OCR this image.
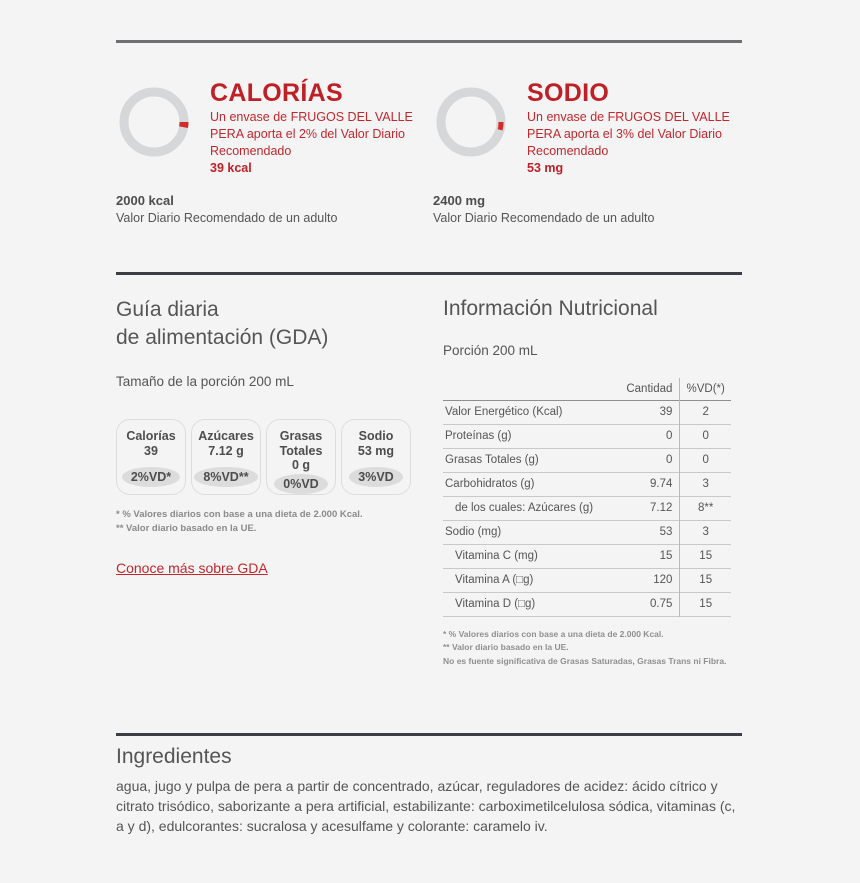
CALORÍAS
Un envase de FRUGOS DEL VALLE PERA aporta el 2% del Valor Diario Recomendado
39 kcal
2000 kcal
Valor Diario Recomendado de un adulto
SODIO
Un envase de FRUGOS DEL VALLE PERA aporta el 3% del Valor Diario Recomendado
53 mg
2400 mg
Valor Diario Recomendado de un adulto
Guía diaria
de alimentación (GDA)
Tamaño de la porción 200 mL
Calorías
39
2%VD*
Azúcares
7.12 g
8%VD**
Grasas
Totales
0 g
0%VD
Sodio
53 mg
3%VD
* % Valores diarios con base a una dieta de 2.000 Kcal.
** Valor diario basado en la UE.
Conoce más sobre GDA
Información Nutricional
Porción 200 mL
	Cantidad	%VD(*)
Valor Energético (Kcal)	39	2
Proteínas (g)	0	0
Grasas Totales (g)	0	0
Carbohidratos (g)	9.74	3
de los cuales: Azúcares (g)	7.12	8**
Sodio (mg)	53	3
Vitamina C (mg)	15	15
Vitamina A (□g)	120	15
Vitamina D (□g)	0.75	15
* % Valores diarios con base a una dieta de 2.000 Kcal.
** Valor diario basado en la UE.
No es fuente significativa de Grasas Saturadas, Grasas Trans ni Fibra.
Ingredientes
agua, jugo y pulpa de pera a partir de concentrado, azúcar, reguladores de acidez: ácido cítrico y citrato trisódico, saborizante a pera artificial, estabilizante: carboximetilcelulosa sódica, vitaminas (c, a y d), edulcorantes: sucralosa y acesulfame y colorante: caramelo iv.
